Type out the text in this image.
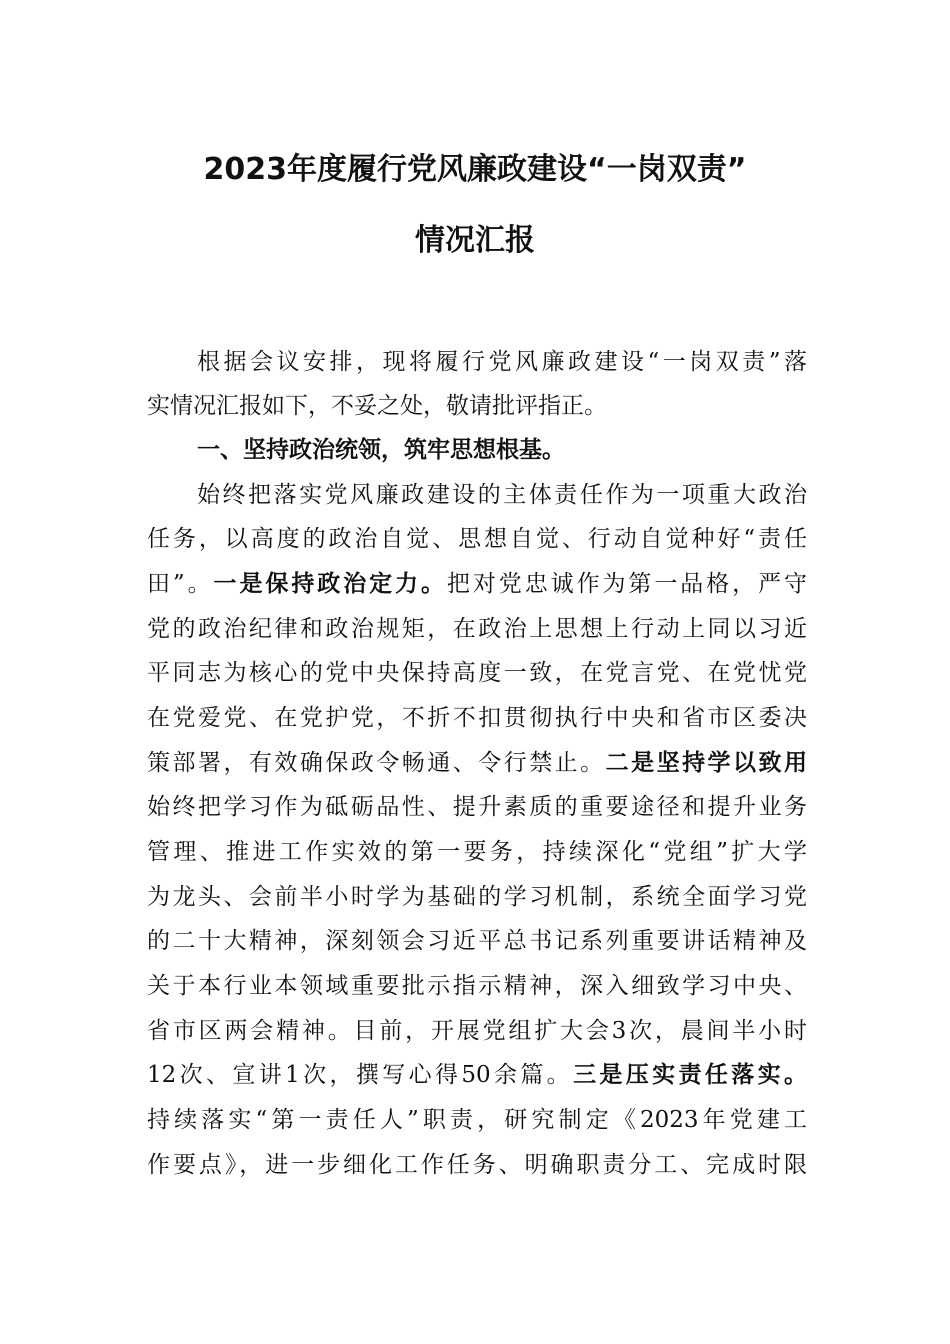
2023年度履行党风廉政建设“一岗双责”
情况汇报
根据会议安排，现将履行党风廉政建设“一岗双责”落
实情况汇报如下，不妥之处，敬请批评指正。
一、坚持政治统领，筑牢思想根基。
始终把落实党风廉政建设的主体责任作为一项重大政治
任务，以高度的政治自觉、思想自觉、行动自觉种好“责任
田”。一是保持政治定力。把对党忠诚作为第一品格，严守
党的政治纪律和政治规矩，在政治上思想上行动上同以习近
平同志为核心的党中央保持高度一致，在党言党、在党忧党
在党爱党、在党护党，不折不扣贯彻执行中央和省市区委决
策部署，有效确保政令畅通、令行禁止。二是坚持学以致用
始终把学习作为砥砺品性、提升素质的重要途径和提升业务
管理、推进工作实效的第一要务，持续深化“党组”扩大学
为龙头、会前半小时学为基础的学习机制，系统全面学习党
的二十大精神，深刻领会习近平总书记系列重要讲话精神及
关于本行业本领域重要批示指示精神，深入细致学习中央、
省市区两会精神。目前，开展党组扩大会3次，晨间半小时
12次、宣讲1次，撰写心得50余篇。三是压实责任落实。
持续落实“第一责任人”职责，研究制定《2023年党建工
作要点》，进一步细化工作任务、明确职责分工、完成时限
